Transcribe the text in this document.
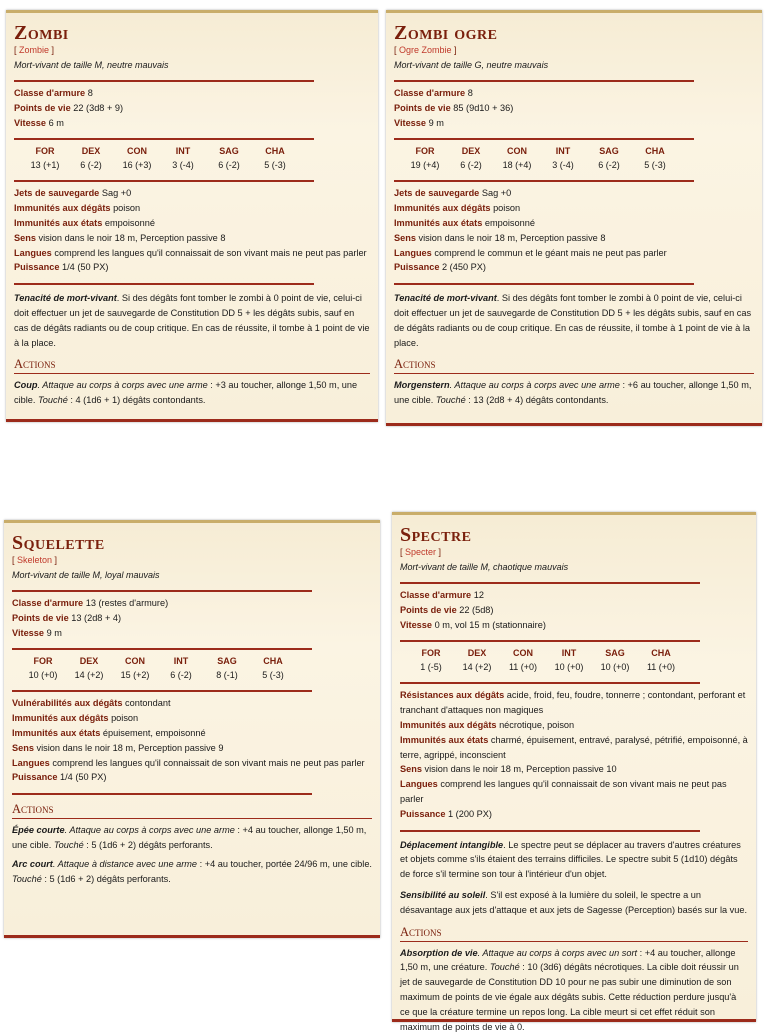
Zombi
[ Zombie ]
Mort-vivant de taille M, neutre mauvais
Classe d'armure 8
Points de vie 22 (3d8 + 9)
Vitesse 6 m
FOR
13 (+1)
DEX
6 (-2)
CON
16 (+3)
INT
3 (-4)
SAG
6 (-2)
CHA
5 (-3)
Jets de sauvegarde Sag +0
Immunités aux dégâts poison
Immunités aux états empoisonné
Sens vision dans le noir 18 m, Perception passive 8
Langues comprend les langues qu'il connaissait de son vivant mais ne peut pas parler
Puissance 1/4 (50 PX)
Tenacité de mort-vivant. Si des dégâts font tomber le zombi à 0 point de vie, celui-ci doit effectuer un jet de sauvegarde de Constitution DD 5 + les dégâts subis, sauf en cas de dégâts radiants ou de coup critique. En cas de réussite, il tombe à 1 point de vie à la place.
Actions
Coup. Attaque au corps à corps avec une arme : +3 au toucher, allonge 1,50 m, une cible. Touché : 4 (1d6 + 1) dégâts contondants.
Zombi ogre
[ Ogre Zombie ]
Mort-vivant de taille G, neutre mauvais
Classe d'armure 8
Points de vie 85 (9d10 + 36)
Vitesse 9 m
FOR
19 (+4)
DEX
6 (-2)
CON
18 (+4)
INT
3 (-4)
SAG
6 (-2)
CHA
5 (-3)
Jets de sauvegarde Sag +0
Immunités aux dégâts poison
Immunités aux états empoisonné
Sens vision dans le noir 18 m, Perception passive 8
Langues comprend le commun et le géant mais ne peut pas parler
Puissance 2 (450 PX)
Tenacité de mort-vivant. Si des dégâts font tomber le zombi à 0 point de vie, celui-ci doit effectuer un jet de sauvegarde de Constitution DD 5 + les dégâts subis, sauf en cas de dégâts radiants ou de coup critique. En cas de réussite, il tombe à 1 point de vie à la place.
Actions
Morgenstern. Attaque au corps à corps avec une arme : +6 au toucher, allonge 1,50 m, une cible. Touché : 13 (2d8 + 4) dégâts contondants.
Squelette
[ Skeleton ]
Mort-vivant de taille M, loyal mauvais
Classe d'armure 13 (restes d'armure)
Points de vie 13 (2d8 + 4)
Vitesse 9 m
FOR
10 (+0)
DEX
14 (+2)
CON
15 (+2)
INT
6 (-2)
SAG
8 (-1)
CHA
5 (-3)
Vulnérabilités aux dégâts contondant
Immunités aux dégâts poison
Immunités aux états épuisement, empoisonné
Sens vision dans le noir 18 m, Perception passive 9
Langues comprend les langues qu'il connaissait de son vivant mais ne peut pas parler
Puissance 1/4 (50 PX)
Actions
Épée courte. Attaque au corps à corps avec une arme : +4 au toucher, allonge 1,50 m, une cible. Touché : 5 (1d6 + 2) dégâts perforants.
Arc court. Attaque à distance avec une arme : +4 au toucher, portée 24/96 m, une cible. Touché : 5 (1d6 + 2) dégâts perforants.
Spectre
[ Specter ]
Mort-vivant de taille M, chaotique mauvais
Classe d'armure 12
Points de vie 22 (5d8)
Vitesse 0 m, vol 15 m (stationnaire)
FOR
1 (-5)
DEX
14 (+2)
CON
11 (+0)
INT
10 (+0)
SAG
10 (+0)
CHA
11 (+0)
Résistances aux dégâts acide, froid, feu, foudre, tonnerre ; contondant, perforant et tranchant d'attaques non magiques
Immunités aux dégâts nécrotique, poison
Immunités aux états charmé, épuisement, entravé, paralysé, pétrifié, empoisonné, à terre, agrippé, inconscient
Sens vision dans le noir 18 m, Perception passive 10
Langues comprend les langues qu'il connaissait de son vivant mais ne peut pas parler
Puissance 1 (200 PX)
Déplacement intangible. Le spectre peut se déplacer au travers d'autres créatures et objets comme s'ils étaient des terrains difficiles. Le spectre subit 5 (1d10) dégâts de force s'il termine son tour à l'intérieur d'un objet.
Sensibilité au soleil. S'il est exposé à la lumière du soleil, le spectre a un désavantage aux jets d'attaque et aux jets de Sagesse (Perception) basés sur la vue.
Actions
Absorption de vie. Attaque au corps à corps avec un sort : +4 au toucher, allonge 1,50 m, une créature. Touché : 10 (3d6) dégâts nécrotiques. La cible doit réussir un jet de sauvegarde de Constitution DD 10 pour ne pas subir une diminution de son maximum de points de vie égale aux dégâts subis. Cette réduction perdure jusqu'à ce que la créature termine un repos long. La cible meurt si cet effet réduit son maximum de points de vie à 0.
